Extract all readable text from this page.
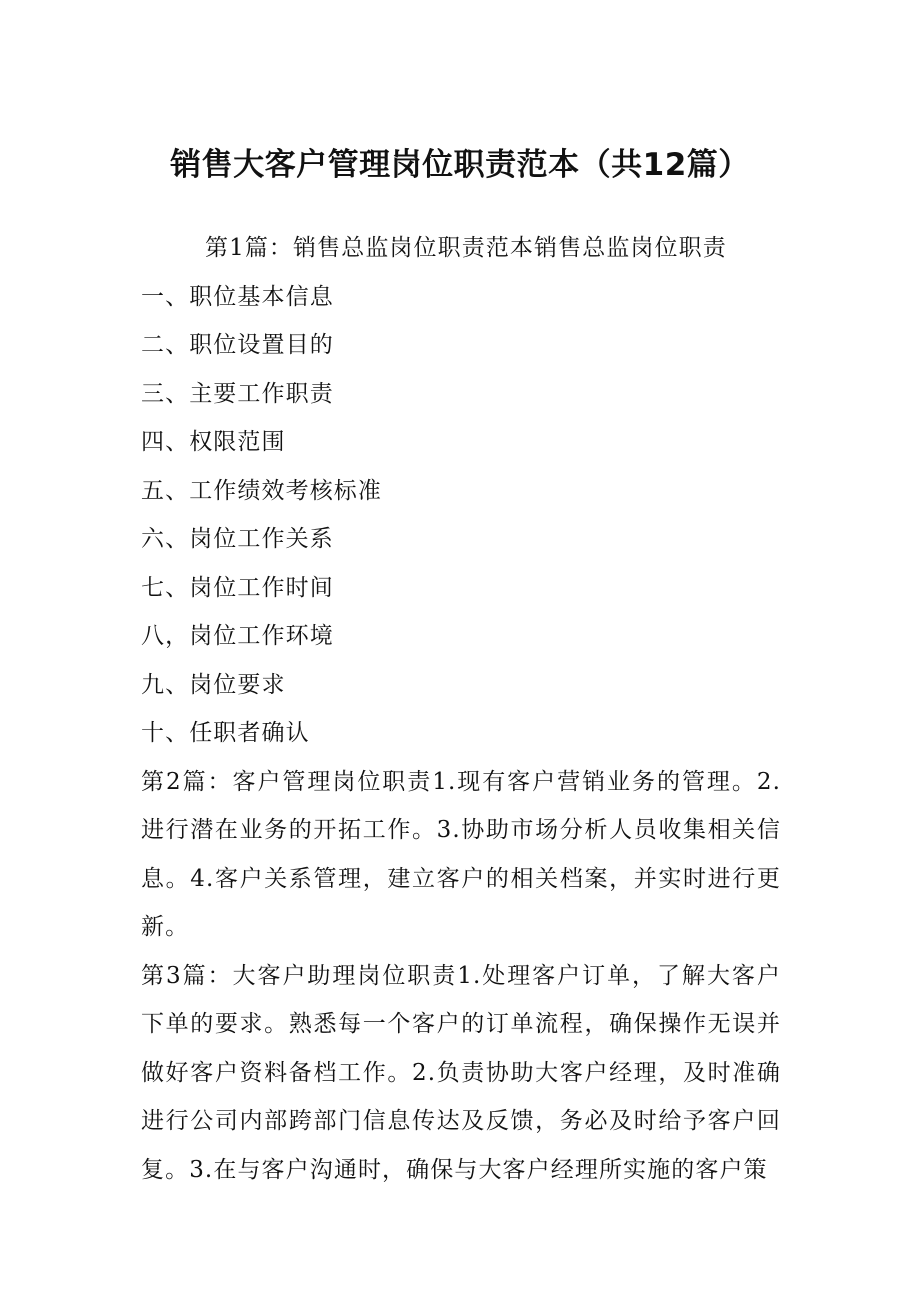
销售大客户管理岗位职责范本（共12篇）

第1篇：销售总监岗位职责范本销售总监岗位职责

一、职位基本信息

二、职位设置目的

三、主要工作职责

四、权限范围

五、工作绩效考核标准

六、岗位工作关系

七、岗位工作时间

八，岗位工作环境

九、岗位要求

十、任职者确认

第2篇：客户管理岗位职责1.现有客户营销业务的管理。2.进行潜在业务的开拓工作。3.协助市场分析人员收集相关信息。4.客户关系管理，建立客户的相关档案，并实时进行更新。

第3篇：大客户助理岗位职责1.处理客户订单，了解大客户下单的要求。熟悉每一个客户的订单流程，确保操作无误并做好客户资料备档工作。2.负责协助大客户经理，及时准确进行公司内部跨部门信息传达及反馈，务必及时给予客户回复。3.在与客户沟通时，确保与大客户经理所实施的客户策
